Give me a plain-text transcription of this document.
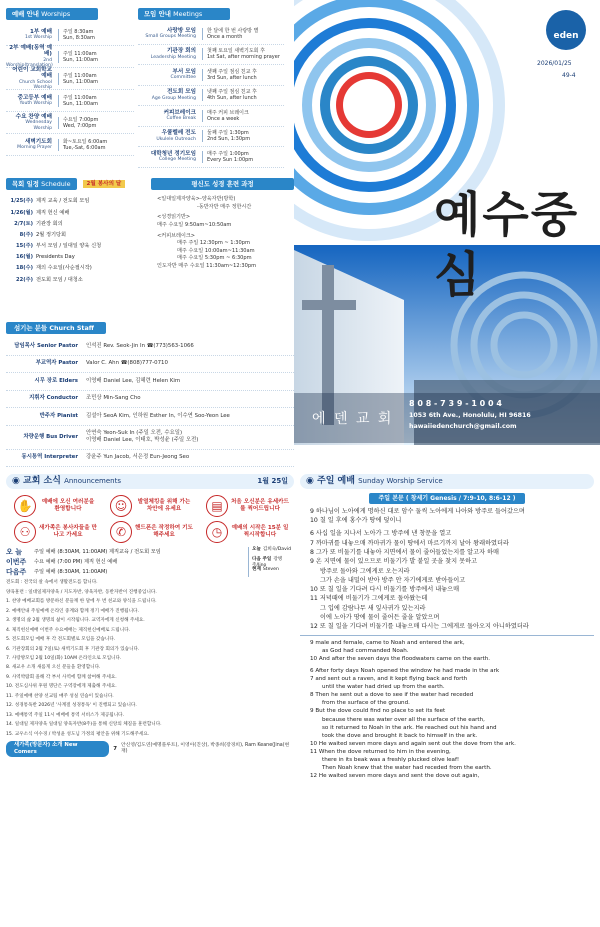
예배 안내 Worships
1부 예배
1st Worship
주일 8:30am
Sun, 8:30am
2부 예배(동역 예배)
2nd Worship(translation)
주일 11:00am
Sun, 11:00am
어린이 교회학교 예배
Church School Worship
주일 11:00am
Sun, 11:00am
중고등부 예배
Youth Worship
주일 11:00am
Sun, 11:00am
수요 찬양 예배
Wednesday Worship
수요일 7:00pm
Wed, 7:00pm
새벽기도회
Morning Prayer
화~토요일 6:00am
Tue,-Sat, 6:00am
모임 안내 Meetings
사랑방 모임
Small Groups Meeting
한 달에 한 번 사랑방 별
Once a month
기관장 회의
Leadership Meeting
첫째 토요일 새벽기도회 후
1st Sat, after morning prayer
부서 모임
Committee
셋째 주일 점심 친교 후
3rd Sun, after lunch
전도회 모임
Age Group Meeting
넷째 주일 점심 친교 후
4th Sun, after lunch
커피브레이크
Coffee Break
매주 커피 브레이크
Once a week
우쿨렐레 전도
Ukulele Outreach
둘째 주일 1:30pm
2nd Sun, 1:30pm
대학청년 정기모임
College Meeting
매주 주일 1:00pm
Every Sun 1:00pm
eden
2026/01/25
49-4
2026
예수중심
에 덴 교 회
8 0 8 - 7 3 9 - 1 0 0 4
1053 6th Ave., Honolulu, HI 96816
hawaiiedenchurch@gmail.com
목회 일정 Schedule	2월 봉사의 달
1/25(주) 제직 교육 / 전도회 모임
1/26(월) 제직 헌신 예배
2/7(토) 기관장 회의
8(주) 2월 정기당회
15(주) 부서 모임 / 일대일 양육 신청
16(월) Presidents Day
18(수) 재의 수요일(사순절시작)
22(주) 전도회 모임 / 대청소
평신도 성경 훈련 과정
<일대일제자양육>-양육자반(방학)
-동반자반 매주 정한시간
<성경읽기반>
매주 수요일 9:50am~10:50am
<커피브레이크>
매주 주일 12:30pm ~ 1:30pm
매주 수요일 10:00am~11:30am
매주 수요일 5:30pm ~ 6:30pm
인도자반 매주 수요일 11:30am~12:30pm
섬기는 분들 Church Staff
담임목사 Senior Pastor	인석진 Rev. Seok-Jin In ☎(773)563-1066
부교역자 Pastor	Valor C. Ahn ☎(808)777-0710
시무 장로 Elders	이영배 Daniel Lee, 김혜련 Helen Kim
지휘자 Conductor	조민상 Min-Sang Cho
반주자 Pianist	김설아 SeoA Kim, 인하원 Esther In, 이수연 Soo-Yeon Lee
차량운행 Bus Driver
안연숙 Yeon-Suk In (주일 오전, 수요일)
이영배 Daniel Lee, 이태호, 박성윤 (주일 오전)
동시통역 Interpreter	강윤주 Yun Jacob, 서은정 Eun-Jeong Seo
◉ 교회 소식 Announcements	1월 25일
✋	예배에 오신 여러분을 환영합니다	☺	발열체킹을 위해 가는 차안에 유세요	▤	처음 오신분은 유세카드를 찍어드립니다
⚇	새가족은 봉사자들을 만나고 가세요	✆	핸드폰은 작정하여 기도해주세요	◷	예배의 시작은 15분 일찍시작합니다
오 늘	주일 예배 (8:30AM, 11:00AM) 제직교육 / 전도회 모임
이번주	수요 예배 (7:00 PM) 제직 헌신 예배
다음주	주일 예배 (8:30AM, 11:00AM)
오늘 김희숙/David
다음 주일 강병주/Jino
현재 Steven
전도회 : 전국의 살 속에서 생활전도를 합니다.
양육훈련 : 일대일제자양육 / 지도자반, 양육자반, 동반자반이 진행중입니다.
1. 찬양 예배교회를 방문하신 분들께 한 달에 두 번 친교와 양식을 드립니다.
2. 예배안내 주일예배 온라인 중계와 함께 정기 예배가 진행됩니다.
3. 생명의 삶 2월 생명의 삶이 시작됩니다. 교역자에게 신청해 주세요.
4. 제직헌신예배 이번주 수요예배는 제직헌신예배로 드립니다.
5. 전도회모임 예배 후 각 전도회별로 모임을 갖습니다.
6. 기관장회의 2월 7일(토) 새벽기도회 후 기관장 회의가 있습니다.
7. 사랑방모임 2월 10일(화) 10AM 온라인으로 모입니다.
8. 새교우 소개 새롭게 오신 분들을 환영합니다.
9. 사역박람회 올해 각 부서 사역에 함께 참여해 주세요.
10. 전도심사위 후원 명단은 구역장에게 제출해 주세요.
11. 주일예배 찬양 선교팀 매주 성실 연습이 있습니다.
12. 성경통독반 2026년 '사계절 성경통독' 이 진행되고 있습니다.
13. 예배통역 주일 11시 예배에 통역 서비스가 제공됩니다.
14. 일대일 제자양육 일대일 양육자반(8주)을 통해 신앙의 체질을 훈련합니다.
15. 교우소식 이수경 / 박성윤 성도님 가정의 평안을 위해 기도해주세요.
새가족(방문자) 소개 New Comers
7
안신영/김도연(예명플루트), 이영아(진상), 박종희(장경희), Ram Keane(Jina(현재)
◉ 주일 예배 Sunday Worship Service
주일 본문 ( 창세기 Genesis / 7:9-10, 8:6-12 )
9 하나님이 노아에게 명하신 대로 암수 둘씩 노아에게 나아와 방주로 들어갔으며
10 칠 일 후에 홍수가 땅에 덮이니
6 사십 일을 지나서 노아가 그 방주에 낸 창문을 열고
7 까마귀를 내놓으매 까마귀가 물이 땅에서 마르기까지 날아 왕래하였더라
8 그가 또 비둘기를 내놓아 지면에서 물이 줄어들었는지를 알고자 하매
9 온 지면에 물이 있으므로 비둘기가 발 붙일 곳을 찾지 못하고
방주로 돌아와 그에게로 오는지라
그가 손을 내밀어 받아 방주 안 자기에게로 받아들이고
10 또 칠 일을 기다려 다시 비둘기를 방주에서 내놓으매
11 저녁때에 비둘기가 그에게로 돌아왔는데
그 입에 감람나무 새 잎사귀가 있는지라
이에 노아가 땅에 물이 줄어든 줄을 알았으며
12 또 칠 일을 기다려 비둘기를 내놓으매 다시는 그에게로 돌아오지 아니하였더라
9 male and female, came to Noah and entered the ark,
as God had commanded Noah.
10 And after the seven days the floodwaters came on the earth.
6 After forty days Noah opened the window he had made in the ark
7 and sent out a raven, and it kept flying back and forth
until the water had dried up from the earth.
8 Then he sent out a dove to see if the water had receded
from the surface of the ground.
9 But the dove could find no place to set its feet
because there was water over all the surface of the earth,
so it returned to Noah in the ark. He reached out his hand and
took the dove and brought it back to himself in the ark.
10 He waited seven more days and again sent out the dove from the ark.
11 When the dove returned to him in the evening,
there in its beak was a freshly plucked olive leaf!
Then Noah knew that the water had receded from the earth.
12 He waited seven more days and sent the dove out again,
